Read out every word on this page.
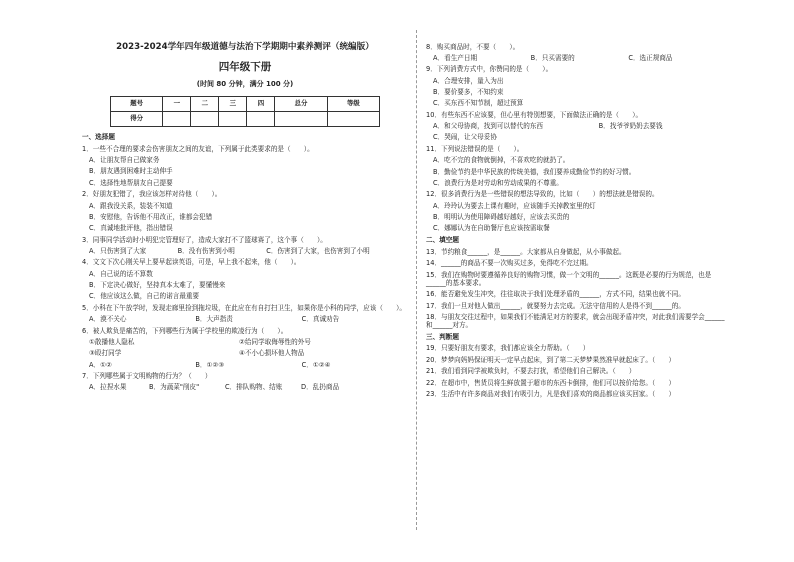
2023-2024学年四年级道德与法治下学期期中素养测评（统编版）
四年级下册
(时间 80 分钟，满分 100 分)
题号	一	二	三	四	总分	等级
得分						
一、选择题
1．一些不合理的要求会伤害朋友之间的友谊，下列属于此类要求的是（　　）。
A．让朋友帮自己做家务
B．朋友遇到困难时主动伸手
C．选择性地帮朋友自己提要
2．好朋友犯错了，我应该怎样对待他（　　）。
A．跟我没关系，装装不知道
B．安慰他，告诉他不用改正，谁都会犯错
C．真诚地批评他，指出错误
3．同事同学活动时小明犯完管理好了，造成大家打不了篮球赛了，这个事（　　）。
A．只伤害到了大家	B．没有伤害到小明	C．伤害到了大家，也伤害到了小明
4．文文下次心刚关早上要早起读英语，可是，早上我不起来，他（　　）。
A．自己说的话不算数
B．下定决心做好，坚持真本太难了，要懂慢来
C．他应该这么做，自己的诺言最重要
5．小科在下午放学时，发现走廊里捡到拖垃圾，在此应在有自打扫卫生，如果你是小科的同学，应该（　　）。
A．漠不关心	B．大声指责	C．真诚劝告
6．被人欺负是痛苦的，下列哪些行为属于学校里的欺凌行为（　　）。
①散播他人隐私	②给同学取侮辱性的外号
③殴打同学	④不小心损坏他人物品
A．①②	B．①②③	C．①②④
7．下列哪些属于文明购物的行为？（　　）
A．拉捏水果	B．为蔬菜"削皮"	C．排队购物、结账	D．乱扔商品
8．购买商品时，不要（　　）。
A．看生产日期	B．只买需要的	C．选正规商品
9．下列消费方式中，你赞同的是（　　）。
A．合理安排，量入为出
B．要价要多，不知约束
C．买东西不知节制，超过预算
10．有些东西不应该要，但心里有特别想要，下面做法正确的是（　　）。
A．和父母协商，找到可以替代的东西	B．找爷爷奶奶去要钱
C．哭闹，让父母妥协
11．下列说法错误的是（　　）。
A．吃不完的食物就倒掉，不喜欢吃的就扔了。
B．勤俭节约是中华民族的传统美德，我们要养成勤俭节约的好习惯。
C．浪费行为是对劳动和劳动成果的不尊重。
12．很多消费行为是一些错误的想法导致的，比如（　　）的想法就是错误的。
A．玲玲认为要去上课有趣时，应该随手关掉教室里的灯
B．明明认为使用障碍越好越好，应该去买贵的
C．娜娜认为在自助餐厅也应该按需取餐
二、填空题
13．节约粮食______，是______。大家都从自身做起，从小事做起。
14．______的商品不要一次购买过多，免得吃不完过期。
15．我们在购物时要遵循养良好的购物习惯，做一个文明的______。这既是必要的行为规范，也是______的基本要求。
16．能否避免发生冲突，往往取决于我们处理矛盾的______，方式不同，结果也就不同。
17．我们一旦对他人做出______，就要努力去完成。无法守信用的人是得不到______的。
18．与朋友交往过程中，如果我们不能满足对方的要求，就会出现矛盾冲突，对此我们需要学会______和______对方。
三、判断题
19．只要好朋友有要求，我们都应该全力帮助。（　　）
20．梦梦向妈妈保证明天一定早点起床，到了第二天梦梦果然准早就起床了。（　　）
21．我们看到同学被欺负时，不要去打扰，希望他们自己解决。（　　）
22．在超市中，售货员将生鲜放置于超市的东西卡倒排，他们可以按价给您。（　　）
23．生活中有许多商品对我们有吸引力，凡是我们喜欢的商品都应该买回家。（　　）
